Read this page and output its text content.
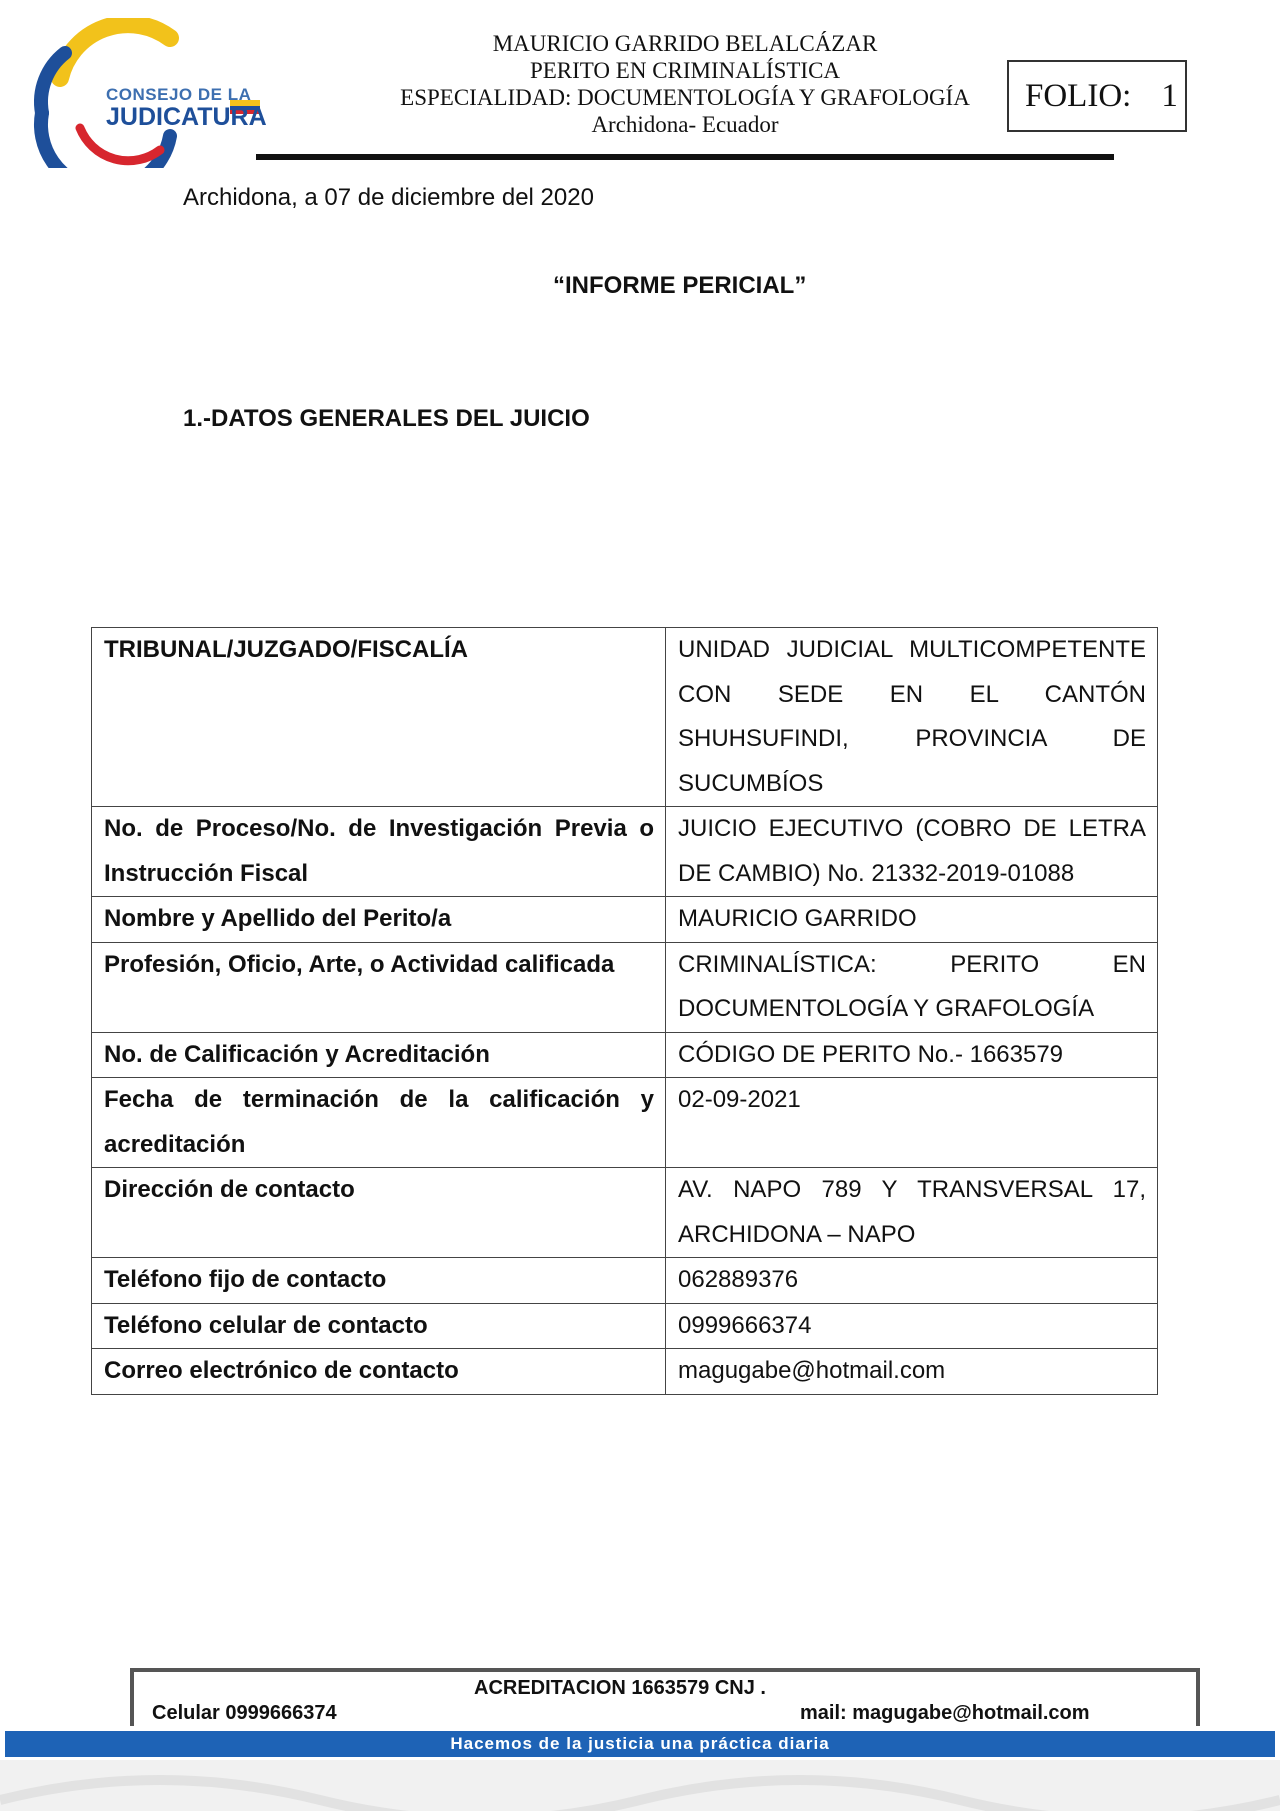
CONSEJO DE LA
JUDICATURA
MAURICIO GARRIDO BELALCÁZAR
PERITO EN CRIMINALÍSTICA
ESPECIALIDAD: DOCUMENTOLOGÍA Y GRAFOLOGÍA
Archidona- Ecuador
FOLIO: 1
Archidona, a 07 de diciembre del 2020
“INFORME PERICIAL”
1.-DATOS GENERALES DEL JUICIO
TRIBUNAL/JUZGADO/FISCALÍA	UNIDAD JUDICIAL MULTICOMPETENTE CON SEDE EN EL CANTÓN SHUHSUFINDI, PROVINCIA DE SUCUMBÍOS
No. de Proceso/No. de Investigación Previa o Instrucción Fiscal	JUICIO EJECUTIVO (COBRO DE LETRA DE CAMBIO) No. 21332-2019-01088
Nombre y Apellido del Perito/a	MAURICIO GARRIDO
Profesión, Oficio, Arte, o Actividad calificada	CRIMINALÍSTICA: PERITO EN DOCUMENTOLOGÍA Y GRAFOLOGÍA
No. de Calificación y Acreditación	CÓDIGO DE PERITO No.- 1663579
Fecha de terminación de la calificación y acreditación	02-09-2021
Dirección de contacto	AV. NAPO 789 Y TRANSVERSAL 17, ARCHIDONA – NAPO
Teléfono fijo de contacto	062889376
Teléfono celular de contacto	0999666374
Correo electrónico de contacto	magugabe@hotmail.com
ACREDITACION 1663579 CNJ .
Celular 0999666374	mail: magugabe@hotmail.com
Hacemos de la justicia una práctica diaria
